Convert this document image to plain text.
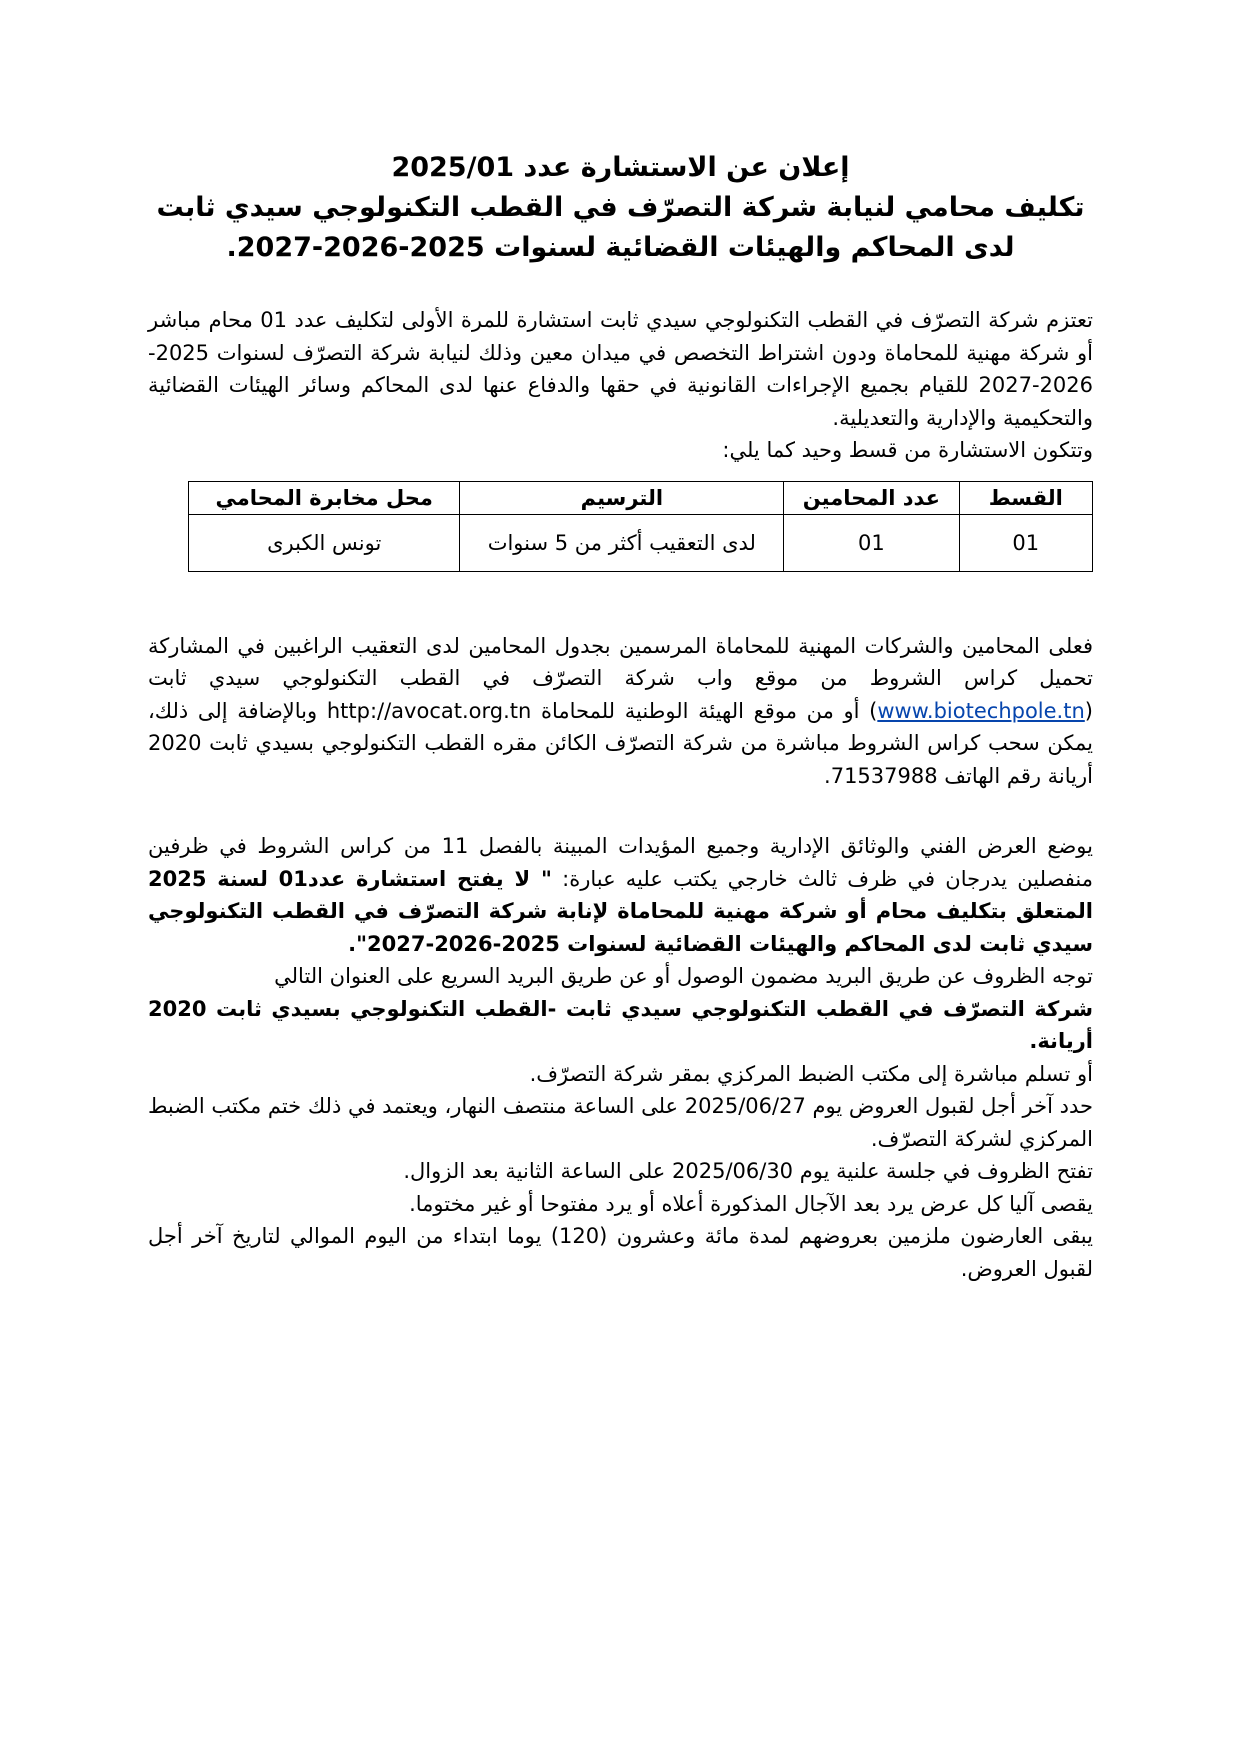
إعلان عن الاستشارة عدد 2025/01
تكليف محامي لنيابة شركة التصرّف في القطب التكنولوجي سيدي ثابت
لدى المحاكم والهيئات القضائية لسنوات 2025-2026-2027.

تعتزم شركة التصرّف في القطب التكنولوجي سيدي ثابت استشارة للمرة الأولى لتكليف عدد 01 محام مباشر أو شركة مهنية للمحاماة ودون اشتراط التخصص في ميدان معين وذلك لنيابة شركة التصرّف لسنوات 2025-2026-2027 للقيام بجميع الإجراءات القانونية في حقها والدفاع عنها لدى المحاكم وسائر الهيئات القضائية والتحكيمية والإدارية والتعديلية.

وتتكون الاستشارة من قسط وحيد كما يلي:

القسط	عدد المحامين	الترسيم	محل مخابرة المحامي
01	01	لدى التعقيب أكثر من 5 سنوات	تونس الكبرى

فعلى المحامين والشركات المهنية للمحاماة المرسمين بجدول المحامين لدى التعقيب الراغبين في المشاركة تحميل كراس الشروط من موقع واب شركة التصرّف في القطب التكنولوجي سيدي ثابت (www.biotechpole.tn) أو من موقع الهيئة الوطنية للمحاماة http://avocat.org.tn وبالإضافة إلى ذلك، يمكن سحب كراس الشروط مباشرة من شركة التصرّف الكائن مقره القطب التكنولوجي بسيدي ثابت 2020 أريانة رقم الهاتف 71537988.

يوضع العرض الفني والوثائق الإدارية وجميع المؤيدات المبينة بالفصل 11 من كراس الشروط في ظرفين منفصلين يدرجان في ظرف ثالث خارجي يكتب عليه عبارة: " لا يفتح استشارة عدد01 لسنة 2025 المتعلق بتكليف محام أو شركة مهنية للمحاماة لإنابة شركة التصرّف في القطب التكنولوجي سيدي ثابت لدى المحاكم والهيئات القضائية لسنوات 2025-2026-2027".

توجه الظروف عن طريق البريد مضمون الوصول أو عن طريق البريد السريع على العنوان التالي

شركة التصرّف في القطب التكنولوجي سيدي ثابت -القطب التكنولوجي بسيدي ثابت 2020 أريانة.

أو تسلم مباشرة إلى مكتب الضبط المركزي بمقر شركة التصرّف.

حدد آخر أجل لقبول العروض يوم 2025/06/27 على الساعة منتصف النهار، ويعتمد في ذلك ختم مكتب الضبط المركزي لشركة التصرّف.

تفتح الظروف في جلسة علنية يوم 2025/06/30 على الساعة الثانية بعد الزوال.

يقصى آليا كل عرض يرد بعد الآجال المذكورة أعلاه أو يرد مفتوحا أو غير مختوما.

يبقى العارضون ملزمين بعروضهم لمدة مائة وعشرون (120) يوما ابتداء من اليوم الموالي لتاريخ آخر أجل لقبول العروض.
